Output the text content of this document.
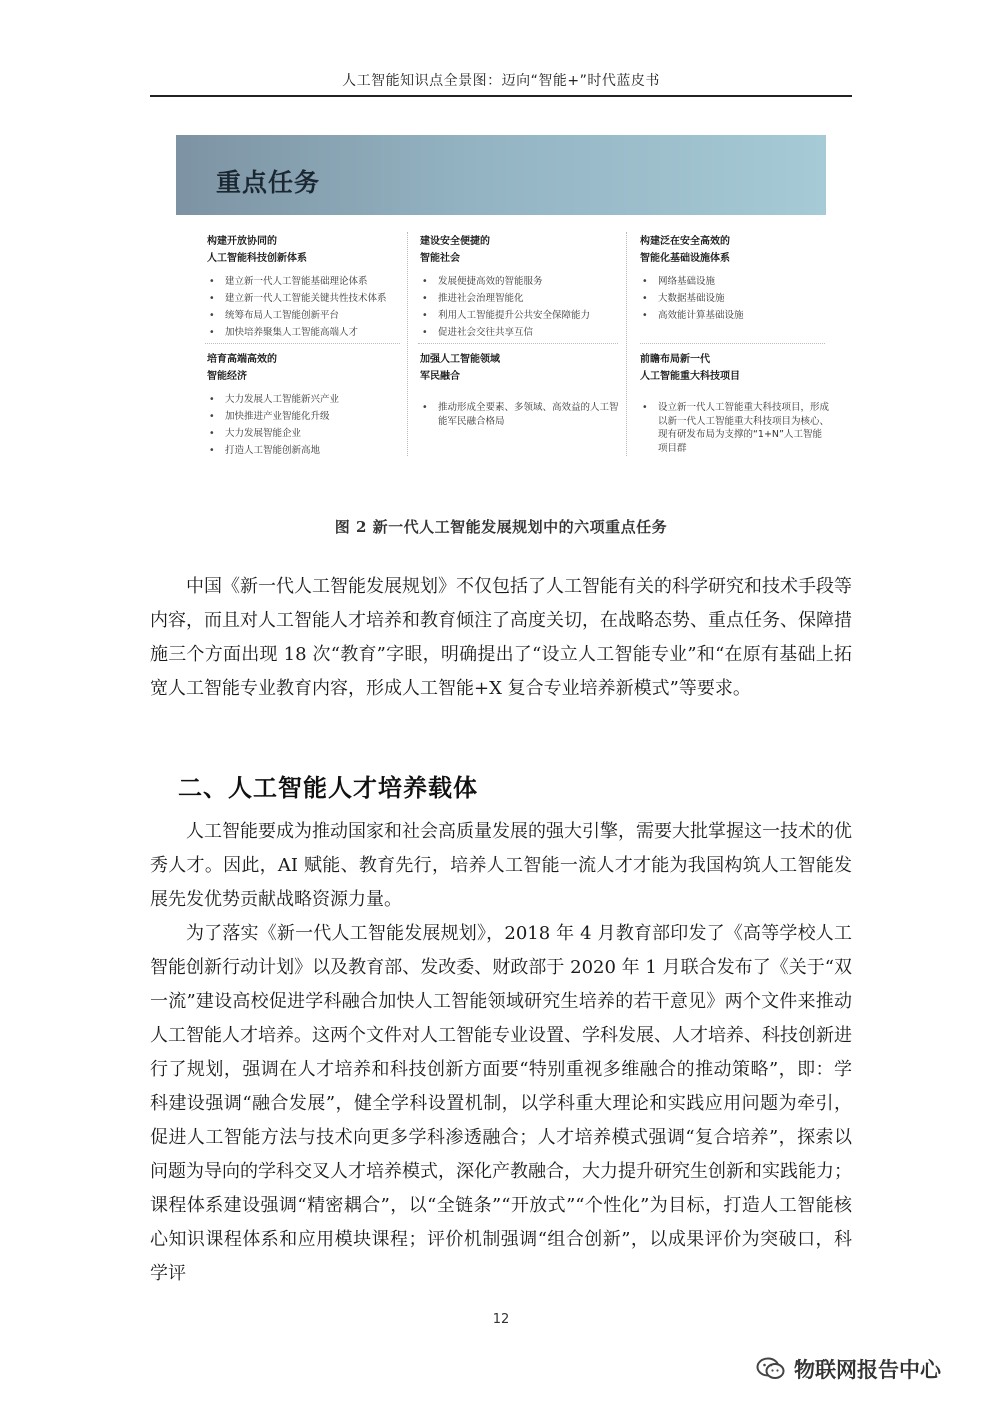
人工智能知识点全景图：迈向“智能+”时代蓝皮书
重点任务
构建开放协同的
人工智能科技创新体系
• 建立新一代人工智能基础理论体系
• 建立新一代人工智能关键共性技术体系
• 统筹布局人工智能创新平台
• 加快培养聚集人工智能高端人才
建设安全便捷的
智能社会
• 发展便捷高效的智能服务
• 推进社会治理智能化
• 利用人工智能提升公共安全保障能力
• 促进社会交往共享互信
构建泛在安全高效的
智能化基础设施体系
• 网络基础设施
• 大数据基础设施
• 高效能计算基础设施
培育高端高效的
智能经济
• 大力发展人工智能新兴产业
• 加快推进产业智能化升级
• 大力发展智能企业
• 打造人工智能创新高地
加强人工智能领域
军民融合
• 推动形成全要素、多领域、高效益的人工智能军民融合格局
前瞻布局新一代
人工智能重大科技项目
• 设立新一代人工智能重大科技项目，形成以新一代人工智能重大科技项目为核心、现有研发布局为支撑的“1+N”人工智能项目群
图 2 新一代人工智能发展规划中的六项重点任务

中国《新一代人工智能发展规划》不仅包括了人工智能有关的科学研究和技术手段等内容，而且对人工智能人才培养和教育倾注了高度关切，在战略态势、重点任务、保障措施三个方面出现 18 次“教育”字眼，明确提出了“设立人工智能专业”和“在原有基础上拓宽人工智能专业教育内容，形成人工智能+X 复合专业培养新模式”等要求。

二、人工智能人才培养载体

人工智能要成为推动国家和社会高质量发展的强大引擎，需要大批掌握这一技术的优秀人才。因此，AI 赋能、教育先行，培养人工智能一流人才才能为我国构筑人工智能发展先发优势贡献战略资源力量。

为了落实《新一代人工智能发展规划》，2018 年 4 月教育部印发了《高等学校人工智能创新行动计划》以及教育部、发改委、财政部于 2020 年 1 月联合发布了《关于“双一流”建设高校促进学科融合加快人工智能领域研究生培养的若干意见》两个文件来推动人工智能人才培养。这两个文件对人工智能专业设置、学科发展、人才培养、科技创新进行了规划，强调在人才培养和科技创新方面要“特别重视多维融合的推动策略”，即：学科建设强调“融合发展”，健全学科设置机制，以学科重大理论和实践应用问题为牵引，促进人工智能方法与技术向更多学科渗透融合；人才培养模式强调“复合培养”，探索以问题为导向的学科交叉人才培养模式，深化产教融合，大力提升研究生创新和实践能力；课程体系建设强调“精密耦合”，以“全链条”“开放式”“个性化”为目标，打造人工智能核心知识课程体系和应用模块课程；评价机制强调“组合创新”，以成果评价为突破口，科学评

12
物联网报告中心
